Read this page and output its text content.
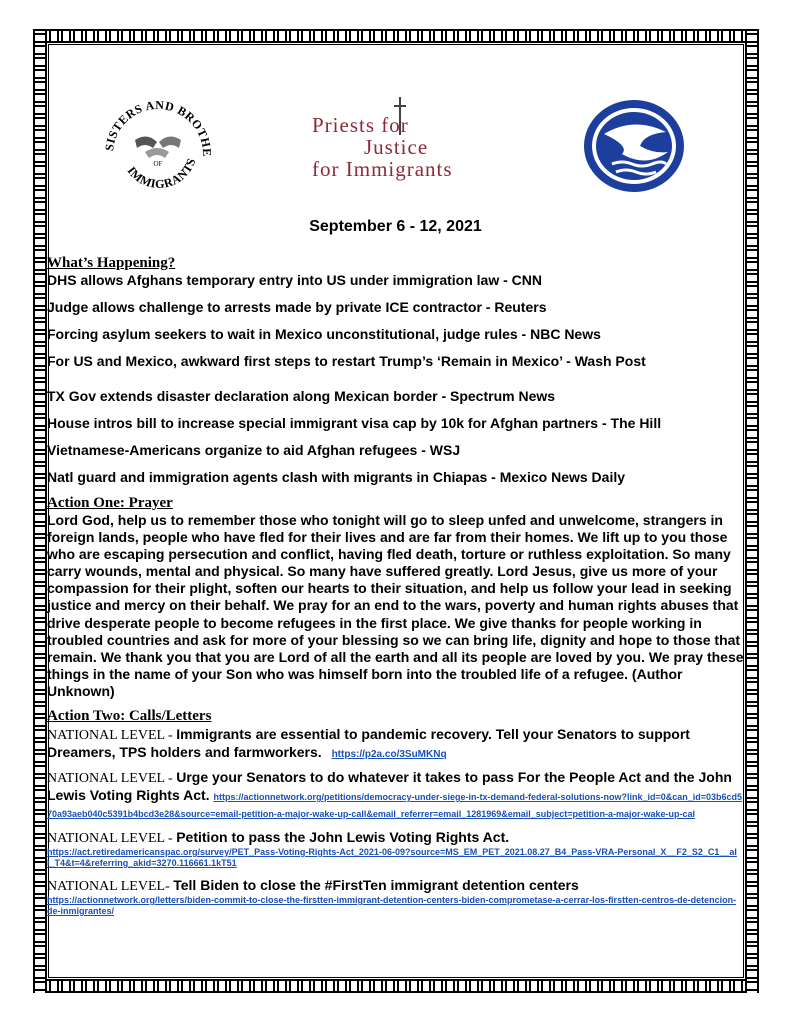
SISTERS AND BROTHE
IMMIGRANTS
OF
Priests for
Justice
for Immigrants
September 6 - 12, 2021
What’s Happening?
DHS allows Afghans temporary entry into US under immigration law - CNN
Judge allows challenge to arrests made by private ICE contractor - Reuters
Forcing asylum seekers to wait in Mexico unconstitutional, judge rules - NBC News
For US and Mexico, awkward first steps to restart Trump’s ‘Remain in Mexico’ - Wash Post
TX Gov extends disaster declaration along Mexican border - Spectrum News
House intros bill to increase special immigrant visa cap by 10k for Afghan partners - The Hill
Vietnamese-Americans organize to aid Afghan refugees - WSJ
Natl guard and immigration agents clash with migrants in Chiapas - Mexico News Daily
Action One: Prayer

Lord God, help us to remember those who tonight will go to sleep unfed and unwelcome, strangers in foreign lands, people who have fled for their lives and are far from their homes. We lift up to you those who are escaping persecution and conflict, having fled death, torture or ruthless exploitation. So many carry wounds, mental and physical. So many have suffered greatly. Lord Jesus, give us more of your compassion for their plight, soften our hearts to their situation, and help us follow your lead in seeking justice and mercy on their behalf. We pray for an end to the wars, poverty and human rights abuses that drive desperate people to become refugees in the first place. We give thanks for people working in troubled countries and ask for more of your blessing so we can bring life, dignity and hope to those that remain. We thank you that you are Lord of all the earth and all its people are loved by you. We pray these things in the name of your Son who was himself born into the troubled life of a refugee. (Author Unknown)

Action Two: Calls/Letters

NATIONAL LEVEL - Immigrants are essential to pandemic recovery. Tell your Senators to support Dreamers, TPS holders and farmworkers. https://p2a.co/3SuMKNq

NATIONAL LEVEL - Urge your Senators to do whatever it takes to pass For the People Act and the John Lewis Voting Rights Act. https://actionnetwork.org/petitions/democracy-under-siege-in-tx-demand-federal-solutions-now?link_id=0&can_id=03b6cd570a93aeb040c5391b4bcd3e28&source=email-petition-a-major-wake-up-call&email_referrer=email_1281969&email_subject=petition-a-major-wake-up-cal

NATIONAL LEVEL - Petition to pass the John Lewis Voting Rights Act.

https://act.retiredamericanspac.org/survey/PET_Pass-Voting-Rights-Act_2021-06-09?source=MS_EM_PET_2021.08.27_B4_Pass-VRA-Personal_X__F2_S2_C1__all_T4&t=4&referring_akid=3270.116661.1kT51

NATIONAL LEVEL- Tell Biden to close the #FirstTen immigrant detention centers

https://actionnetwork.org/letters/biden-commit-to-close-the-firstten-immigrant-detention-centers-biden-comprometase-a-cerrar-los-firstten-centros-de-detencion-de-inmigrantes/
